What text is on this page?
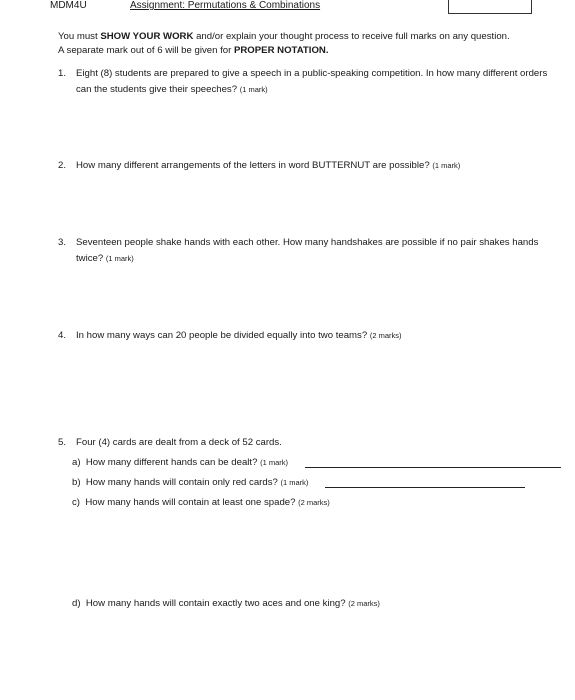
MDM4U	Assignment: Permutations & Combinations
You must SHOW YOUR WORK and/or explain your thought process to receive full marks on any question.
A separate mark out of 6 will be given for PROPER NOTATION.
1.	Eight (8) students are prepared to give a speech in a public-speaking competition. In how many different orders
can the students give their speeches? (1 mark)
2.	How many different arrangements of the letters in word BUTTERNUT are possible? (1 mark)
3.	Seventeen people shake hands with each other. How many handshakes are possible if no pair shakes hands
twice? (1 mark)
4.	In how many ways can 20 people be divided equally into two teams? (2 marks)
5.	Four (4) cards are dealt from a deck of 52 cards.
a) How many different hands can be dealt? (1 mark)
b) How many hands will contain only red cards? (1 mark)
c) How many hands will contain at least one spade? (2 marks)
d) How many hands will contain exactly two aces and one king? (2 marks)
